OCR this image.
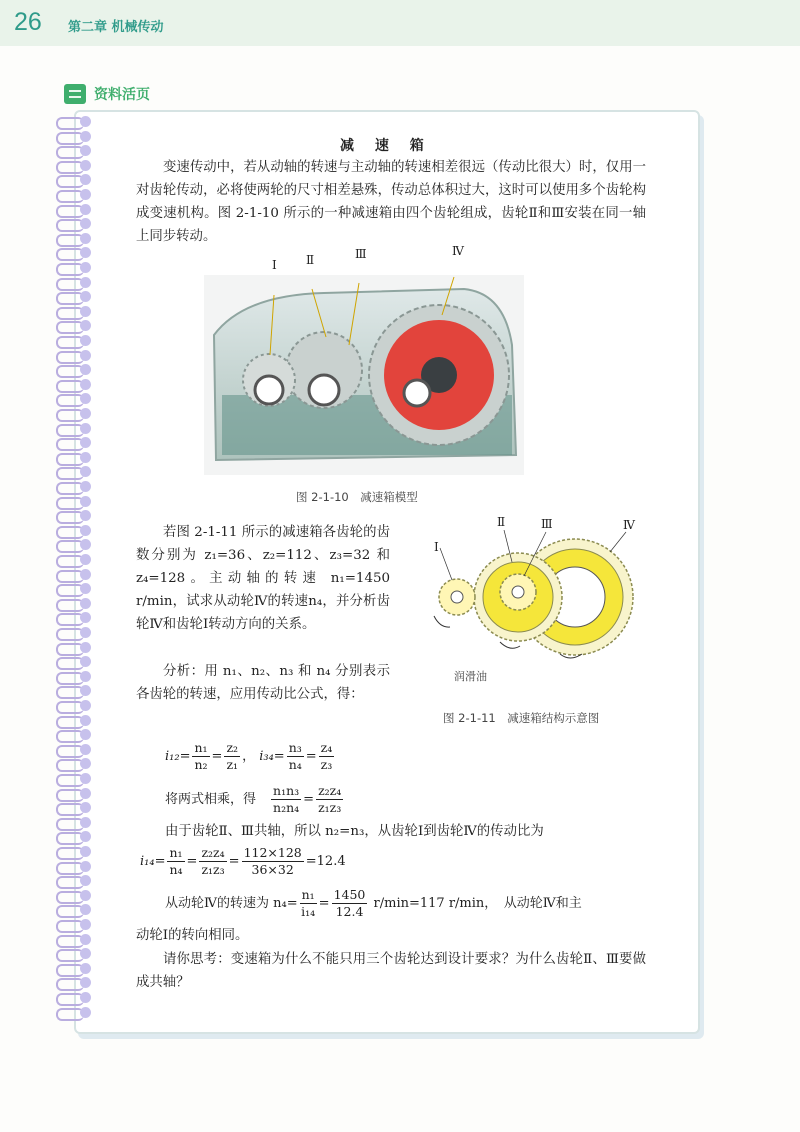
26 第二章 机械传动
资料活页
减 速 箱
变速传动中，若从动轴的转速与主动轴的转速相差很远（传动比很大）时，仅用一对齿轮传动，必将使两轮的尺寸相差悬殊，传动总体积过大，这时可以使用多个齿轮构成变速机构。图 2-1-10 所示的一种减速箱由四个齿轮组成，齿轮Ⅱ和Ⅲ安装在同一轴上同步转动。
Ⅰ Ⅱ	Ⅲ	Ⅳ
图 2-1-10　减速箱模型
若图 2-1-11 所示的减速箱各齿轮的齿数分别为 z₁=36、z₂=112、z₃=32 和 z₄=128。主动轴的转速 n₁=1450 r/min，试求从动轮Ⅳ的转速n₄，并分析齿轮Ⅳ和齿轮Ⅰ转动方向的关系。
分析：用 n₁、n₂、n₃ 和 n₄ 分别表示各齿轮的转速，应用传动比公式，得：
Ⅰ
Ⅱ	Ⅲ	Ⅳ
润滑油
图 2-1-11　减速箱结构示意图
$i_{12}= \frac{\text{n₁}}{\text{n₂}} = \frac{\text{z₂}}{\text{z₁}}$ ， $i_{34}= \frac{\text{n₃}}{\text{n₄}} = \frac{\text{z₄}}{\text{z₃}}$
将两式相乘，得　 $\frac{\text{n₁n₃}}{\text{n₂n₄}} = \frac{\text{z₂z₄}}{\text{z₁z₃}}$
由于齿轮Ⅱ、Ⅲ共轴，所以 n₂=n₃，从齿轮Ⅰ到齿轮Ⅳ的传动比为
$i_{14}= \frac{\text{n₁}}{\text{n₄}} = \frac{\text{z₂z₄}}{\text{z₁z₃}} = \frac{112\times 128}{36\times 32} =12.4$
从动轮Ⅳ的转速为 $n_4= \frac{\text{n₁}}{\text{i₁₄}} = \frac{1450}{12.4} r/\min=117$ r/min，　从动轮Ⅳ和主
动轮Ⅰ的转向相同。
请你思考：变速箱为什么不能只用三个齿轮达到设计要求？为什么齿轮Ⅱ、Ⅲ要做成共轴？
